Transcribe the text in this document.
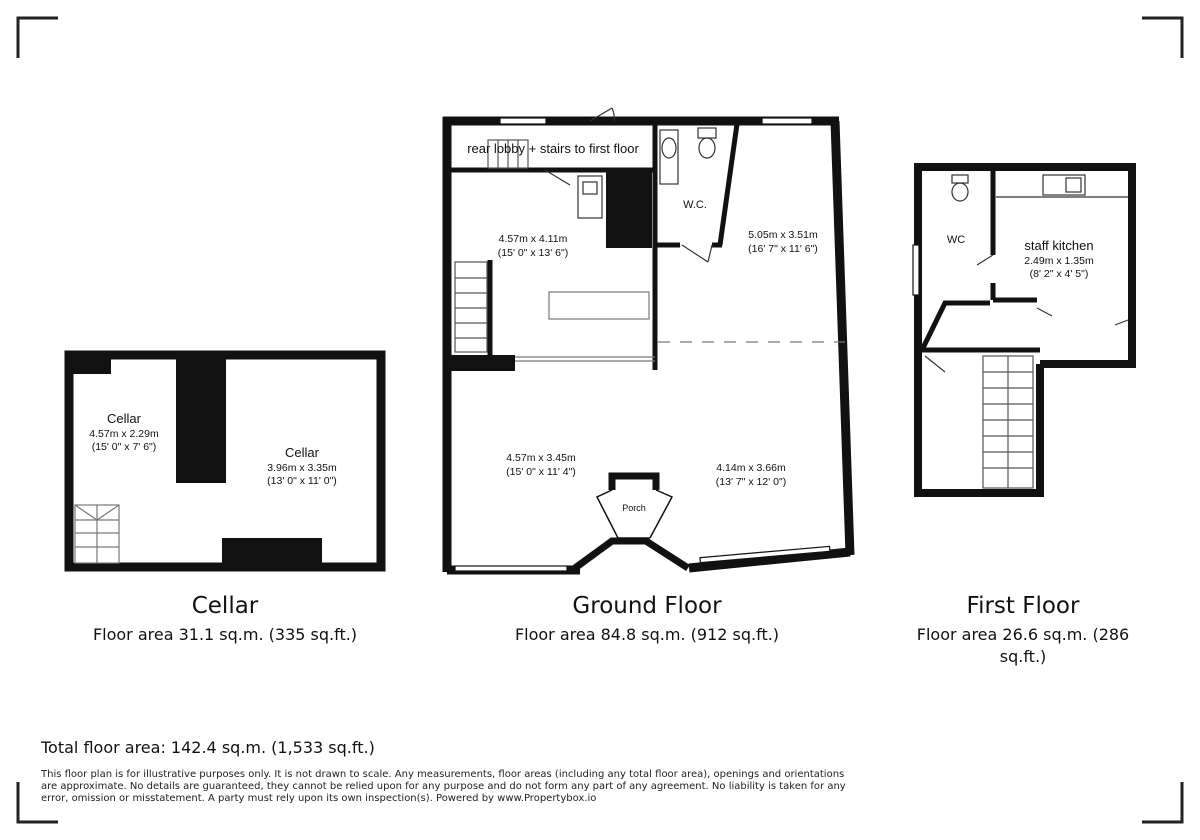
Cellar
4.57m x 2.29m
(15' 0" x 7' 6")	Cellar
3.96m x 3.35m
(13' 0" x 11' 0")
rear lobby + stairs to first floor
W.C.
4.57m x 4.11m
(15' 0" x 13' 6")
5.05m x 3.51m
(16' 7" x 11' 6")
4.57m x 3.45m
(15' 0" x 11' 4")	4.14m x 3.66m
(13' 7" x 12' 0")
Porch
WC	staff kitchen
2.49m x 1.35m
(8' 2" x 4' 5")
Cellar
Floor area 31.1 sq.m. (335 sq.ft.)
Ground Floor
Floor area 84.8 sq.m. (912 sq.ft.)
First Floor
Floor area 26.6 sq.m. (286 sq.ft.)
Total floor area: 142.4 sq.m. (1,533 sq.ft.)
This floor plan is for illustrative purposes only. It is not drawn to scale. Any measurements, floor areas (including any total floor area), openings and orientations are approximate. No details are guaranteed, they cannot be relied upon for any purpose and do not form any part of any agreement. No liability is taken for any error, omission or misstatement. A party must rely upon its own inspection(s). Powered by www.Propertybox.io
